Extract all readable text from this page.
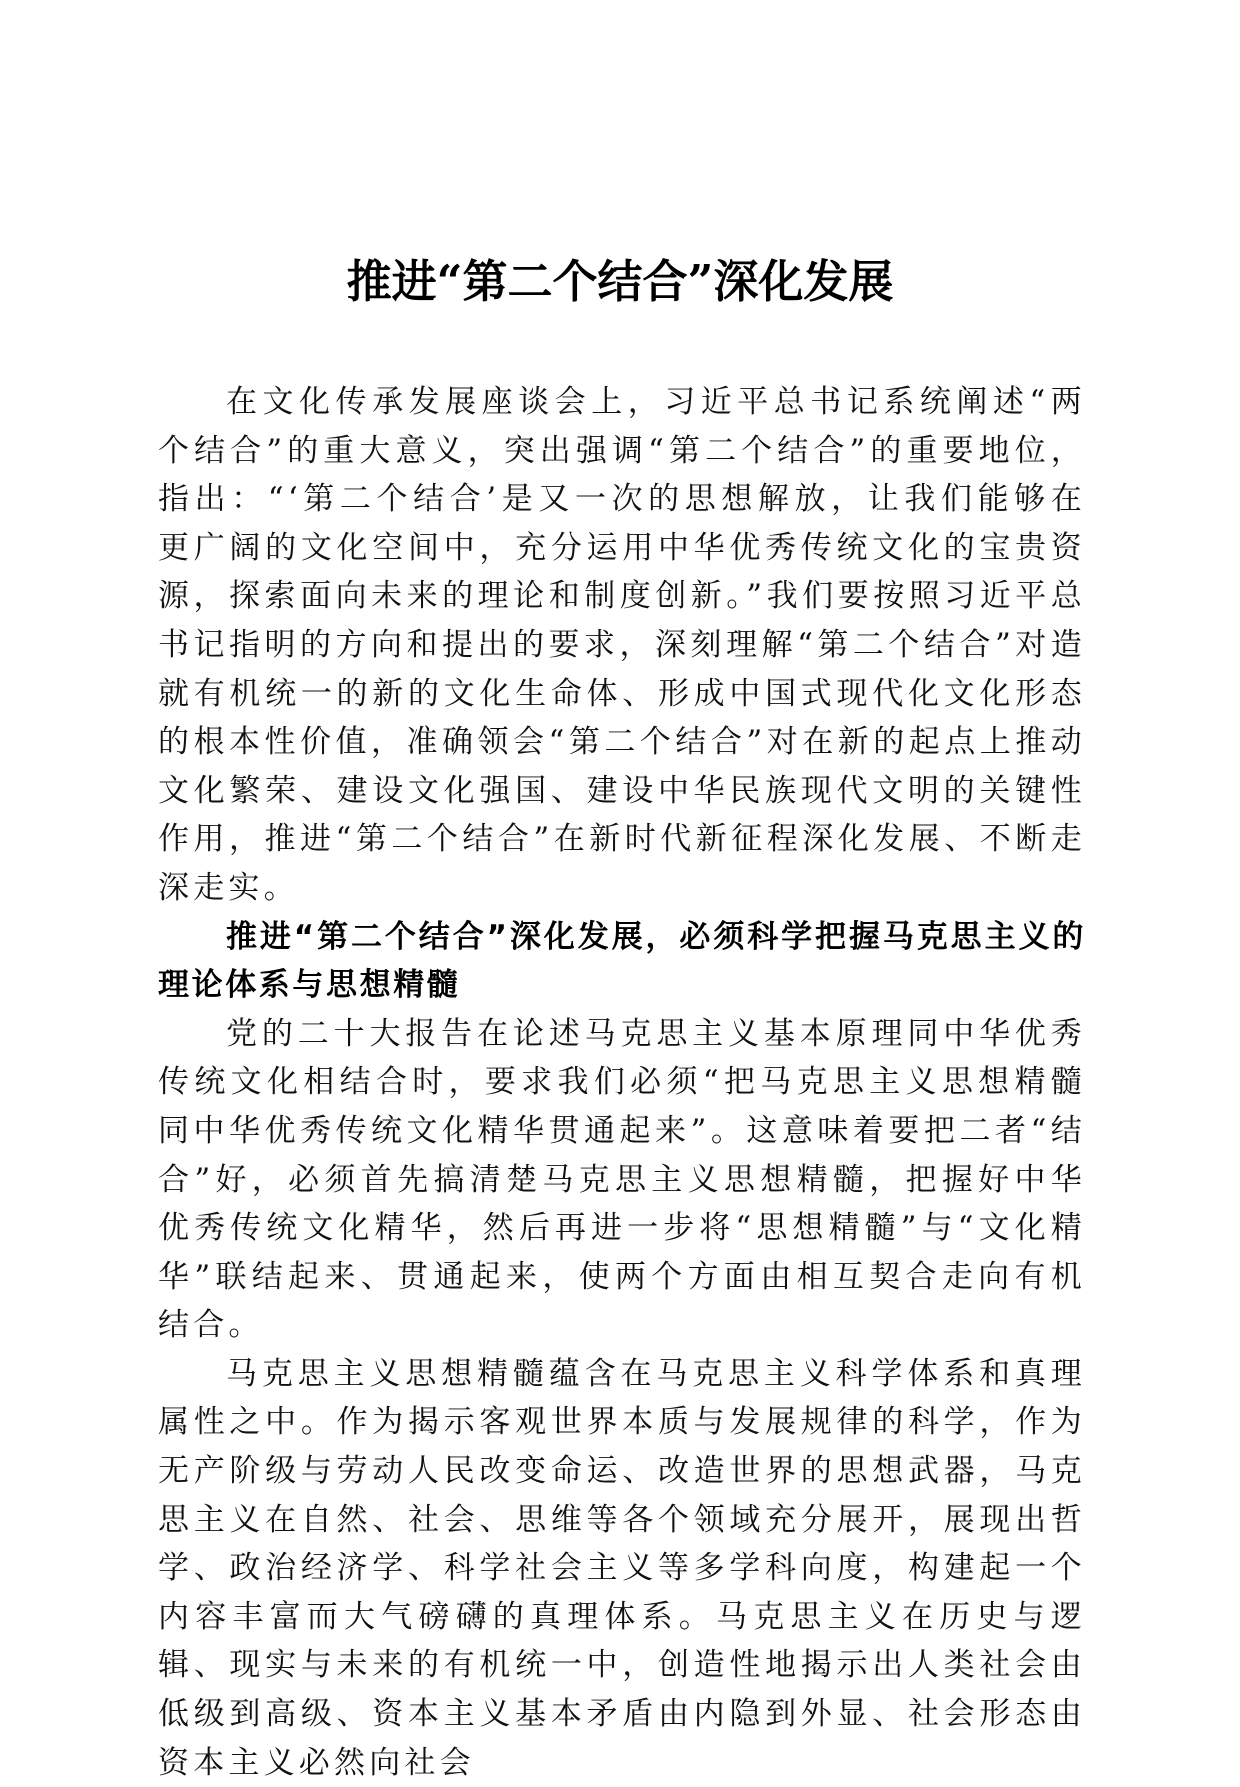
推进“第二个结合”深化发展

在文化传承发展座谈会上，习近平总书记系统阐述“两个结合”的重大意义，突出强调“第二个结合”的重要地位，指出：“‘第二个结合’是又一次的思想解放，让我们能够在更广阔的文化空间中，充分运用中华优秀传统文化的宝贵资源，探索面向未来的理论和制度创新。”我们要按照习近平总书记指明的方向和提出的要求，深刻理解“第二个结合”对造就有机统一的新的文化生命体、形成中国式现代化文化形态的根本性价值，准确领会“第二个结合”对在新的起点上推动文化繁荣、建设文化强国、建设中华民族现代文明的关键性作用，推进“第二个结合”在新时代新征程深化发展、不断走深走实。

推进“第二个结合”深化发展，必须科学把握马克思主义的理论体系与思想精髓

党的二十大报告在论述马克思主义基本原理同中华优秀传统文化相结合时，要求我们必须“把马克思主义思想精髓同中华优秀传统文化精华贯通起来”。这意味着要把二者“结合”好，必须首先搞清楚马克思主义思想精髓，把握好中华优秀传统文化精华，然后再进一步将“思想精髓”与“文化精华”联结起来、贯通起来，使两个方面由相互契合走向有机结合。

马克思主义思想精髓蕴含在马克思主义科学体系和真理属性之中。作为揭示客观世界本质与发展规律的科学，作为无产阶级与劳动人民改变命运、改造世界的思想武器，马克思主义在自然、社会、思维等各个领域充分展开，展现出哲学、政治经济学、科学社会主义等多学科向度，构建起一个内容丰富而大气磅礴的真理体系。马克思主义在历史与逻辑、现实与未来的有机统一中，创造性地揭示出人类社会由低级到高级、资本主义基本矛盾由内隐到外显、社会形态由资本主义必然向社会
